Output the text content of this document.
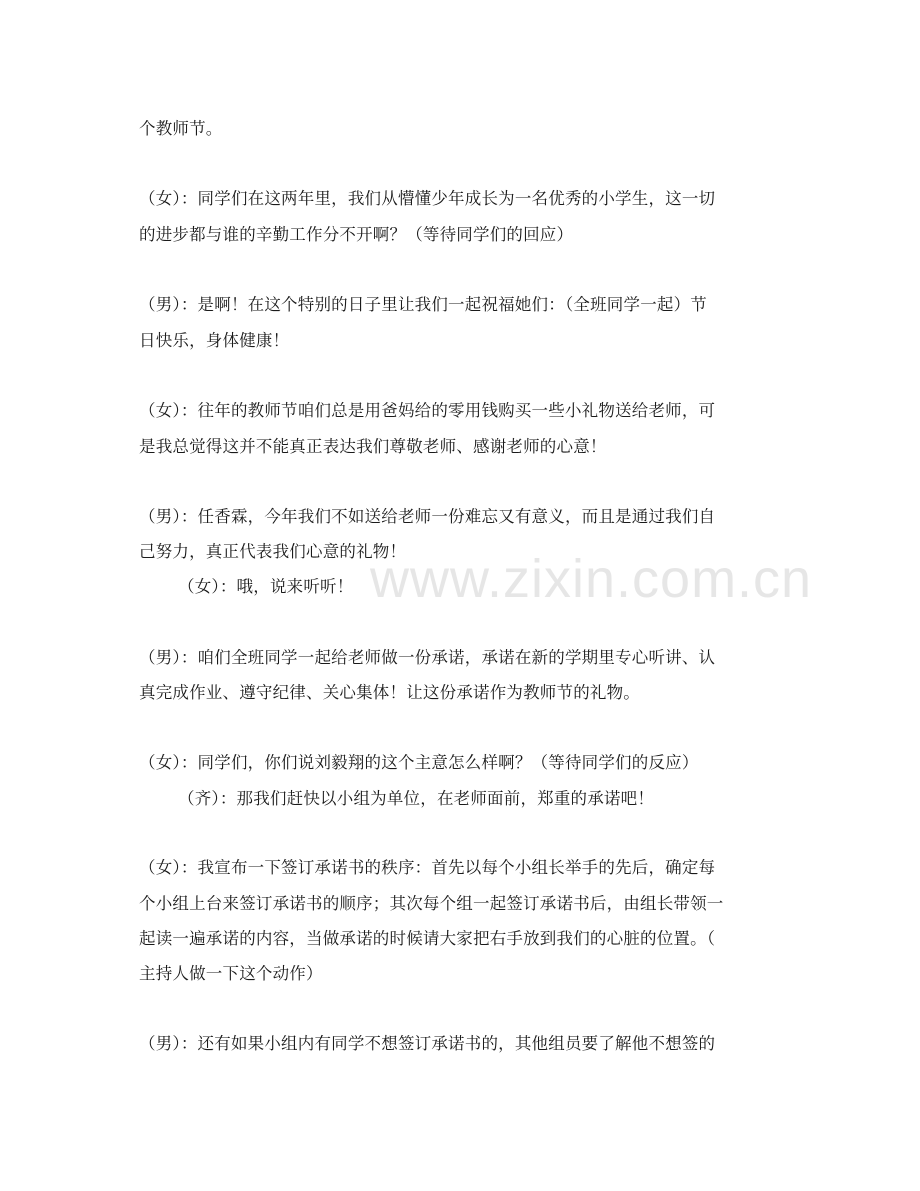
个教师节。
（女）：同学们在这两年里，我们从懵懂少年成长为一名优秀的小学生，这一切
的进步都与谁的辛勤工作分不开啊？（等待同学们的回应）
（男）：是啊！在这个特别的日子里让我们一起祝福她们：（全班同学一起）节
日快乐，身体健康！
（女）：往年的教师节咱们总是用爸妈给的零用钱购买一些小礼物送给老师，可
是我总觉得这并不能真正表达我们尊敬老师、感谢老师的心意！
（男）：任香霖，今年我们不如送给老师一份难忘又有意义，而且是通过我们自
己努力，真正代表我们心意的礼物！
（女）：哦，说来听听！
（男）：咱们全班同学一起给老师做一份承诺，承诺在新的学期里专心听讲、认
真完成作业、遵守纪律、关心集体！让这份承诺作为教师节的礼物。
（女）：同学们，你们说刘毅翔的这个主意怎么样啊？（等待同学们的反应）
（齐）：那我们赶快以小组为单位，在老师面前，郑重的承诺吧！
（女）：我宣布一下签订承诺书的秩序：首先以每个小组长举手的先后，确定每
个小组上台来签订承诺书的顺序；其次每个组一起签订承诺书后，由组长带领一
起读一遍承诺的内容，当做承诺的时候请大家把右手放到我们的心脏的位置。（
主持人做一下这个动作）
（男）：还有如果小组内有同学不想签订承诺书的，其他组员要了解他不想签的
www.zixin.com.cn
